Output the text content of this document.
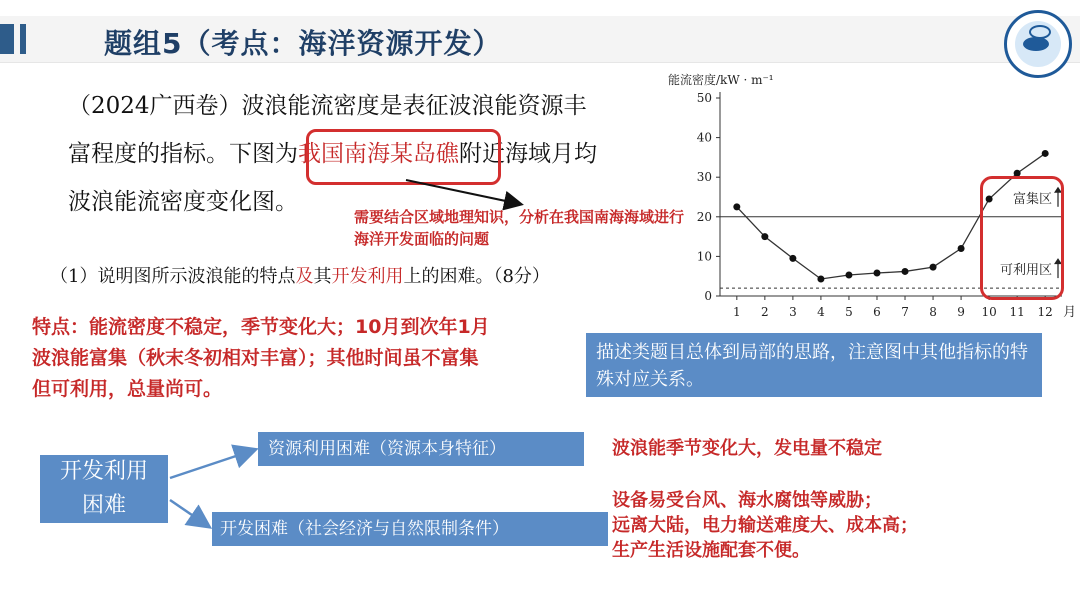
题组5（考点：海洋资源开发）
（2024广西卷）波浪能流密度是表征波浪能资源丰
富程度的指标。下图为我国南海某岛礁附近海域月均
波浪能流密度变化图。
需要结合区域地理知识，分析在我国南海海域进行海洋开发面临的问题
（1）说明图所示波浪能的特点及其开发利用上的困难。（8分）
特点：能流密度不稳定，季节变化大；10月到次年1月
波浪能富集（秋末冬初相对丰富）；其他时间虽不富集
但可利用，总量尚可。
描述类题目总体到局部的思路，注意图中其他指标的特殊对应关系。
开发利用
困难
资源利用困难（资源本身特征）
开发困难（社会经济与自然限制条件）
波浪能季节变化大，发电量不稳定
设备易受台风、海水腐蚀等威胁；
远离大陆，电力输送难度大、成本高；
生产生活设施配套不便。
能流密度/kW · m⁻¹
0
10
20
30
40
50
1 2 3 4 5 6 7 8 9 10 11 12
富集区
可利用区
月
